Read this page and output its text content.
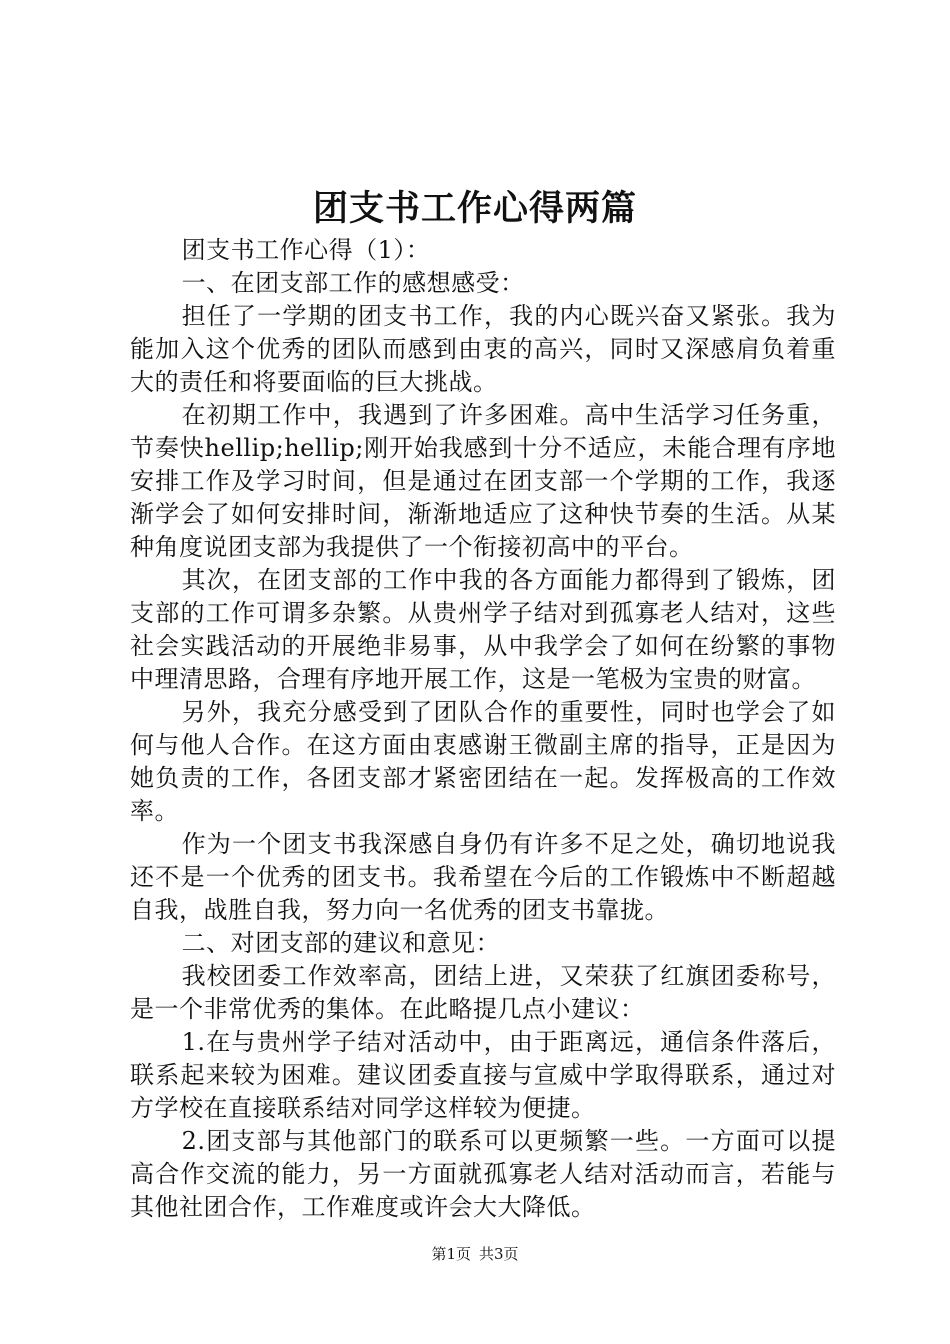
团支书工作心得两篇

团支书工作心得（1）：

一、在团支部工作的感想感受：

担任了一学期的团支书工作，我的内心既兴奋又紧张。我为能加入这个优秀的团队而感到由衷的高兴，同时又深感肩负着重大的责任和将要面临的巨大挑战。

在初期工作中，我遇到了许多困难。高中生活学习任务重，节奏快hellip;hellip;刚开始我感到十分不适应，未能合理有序地安排工作及学习时间，但是通过在团支部一个学期的工作，我逐渐学会了如何安排时间，渐渐地适应了这种快节奏的生活。从某种角度说团支部为我提供了一个衔接初高中的平台。

其次，在团支部的工作中我的各方面能力都得到了锻炼，团支部的工作可谓多杂繁。从贵州学子结对到孤寡老人结对，这些社会实践活动的开展绝非易事，从中我学会了如何在纷繁的事物中理清思路，合理有序地开展工作，这是一笔极为宝贵的财富。

另外，我充分感受到了团队合作的重要性，同时也学会了如何与他人合作。在这方面由衷感谢王微副主席的指导，正是因为她负责的工作，各团支部才紧密团结在一起。发挥极高的工作效率。

作为一个团支书我深感自身仍有许多不足之处，确切地说我还不是一个优秀的团支书。我希望在今后的工作锻炼中不断超越自我，战胜自我，努力向一名优秀的团支书靠拢。

二、对团支部的建议和意见：

我校团委工作效率高，团结上进，又荣获了红旗团委称号，是一个非常优秀的集体。在此略提几点小建议：

1.在与贵州学子结对活动中，由于距离远，通信条件落后，联系起来较为困难。建议团委直接与宣威中学取得联系，通过对方学校在直接联系结对同学这样较为便捷。

2.团支部与其他部门的联系可以更频繁一些。一方面可以提高合作交流的能力，另一方面就孤寡老人结对活动而言，若能与其他社团合作，工作难度或许会大大降低。

第1页 共3页
